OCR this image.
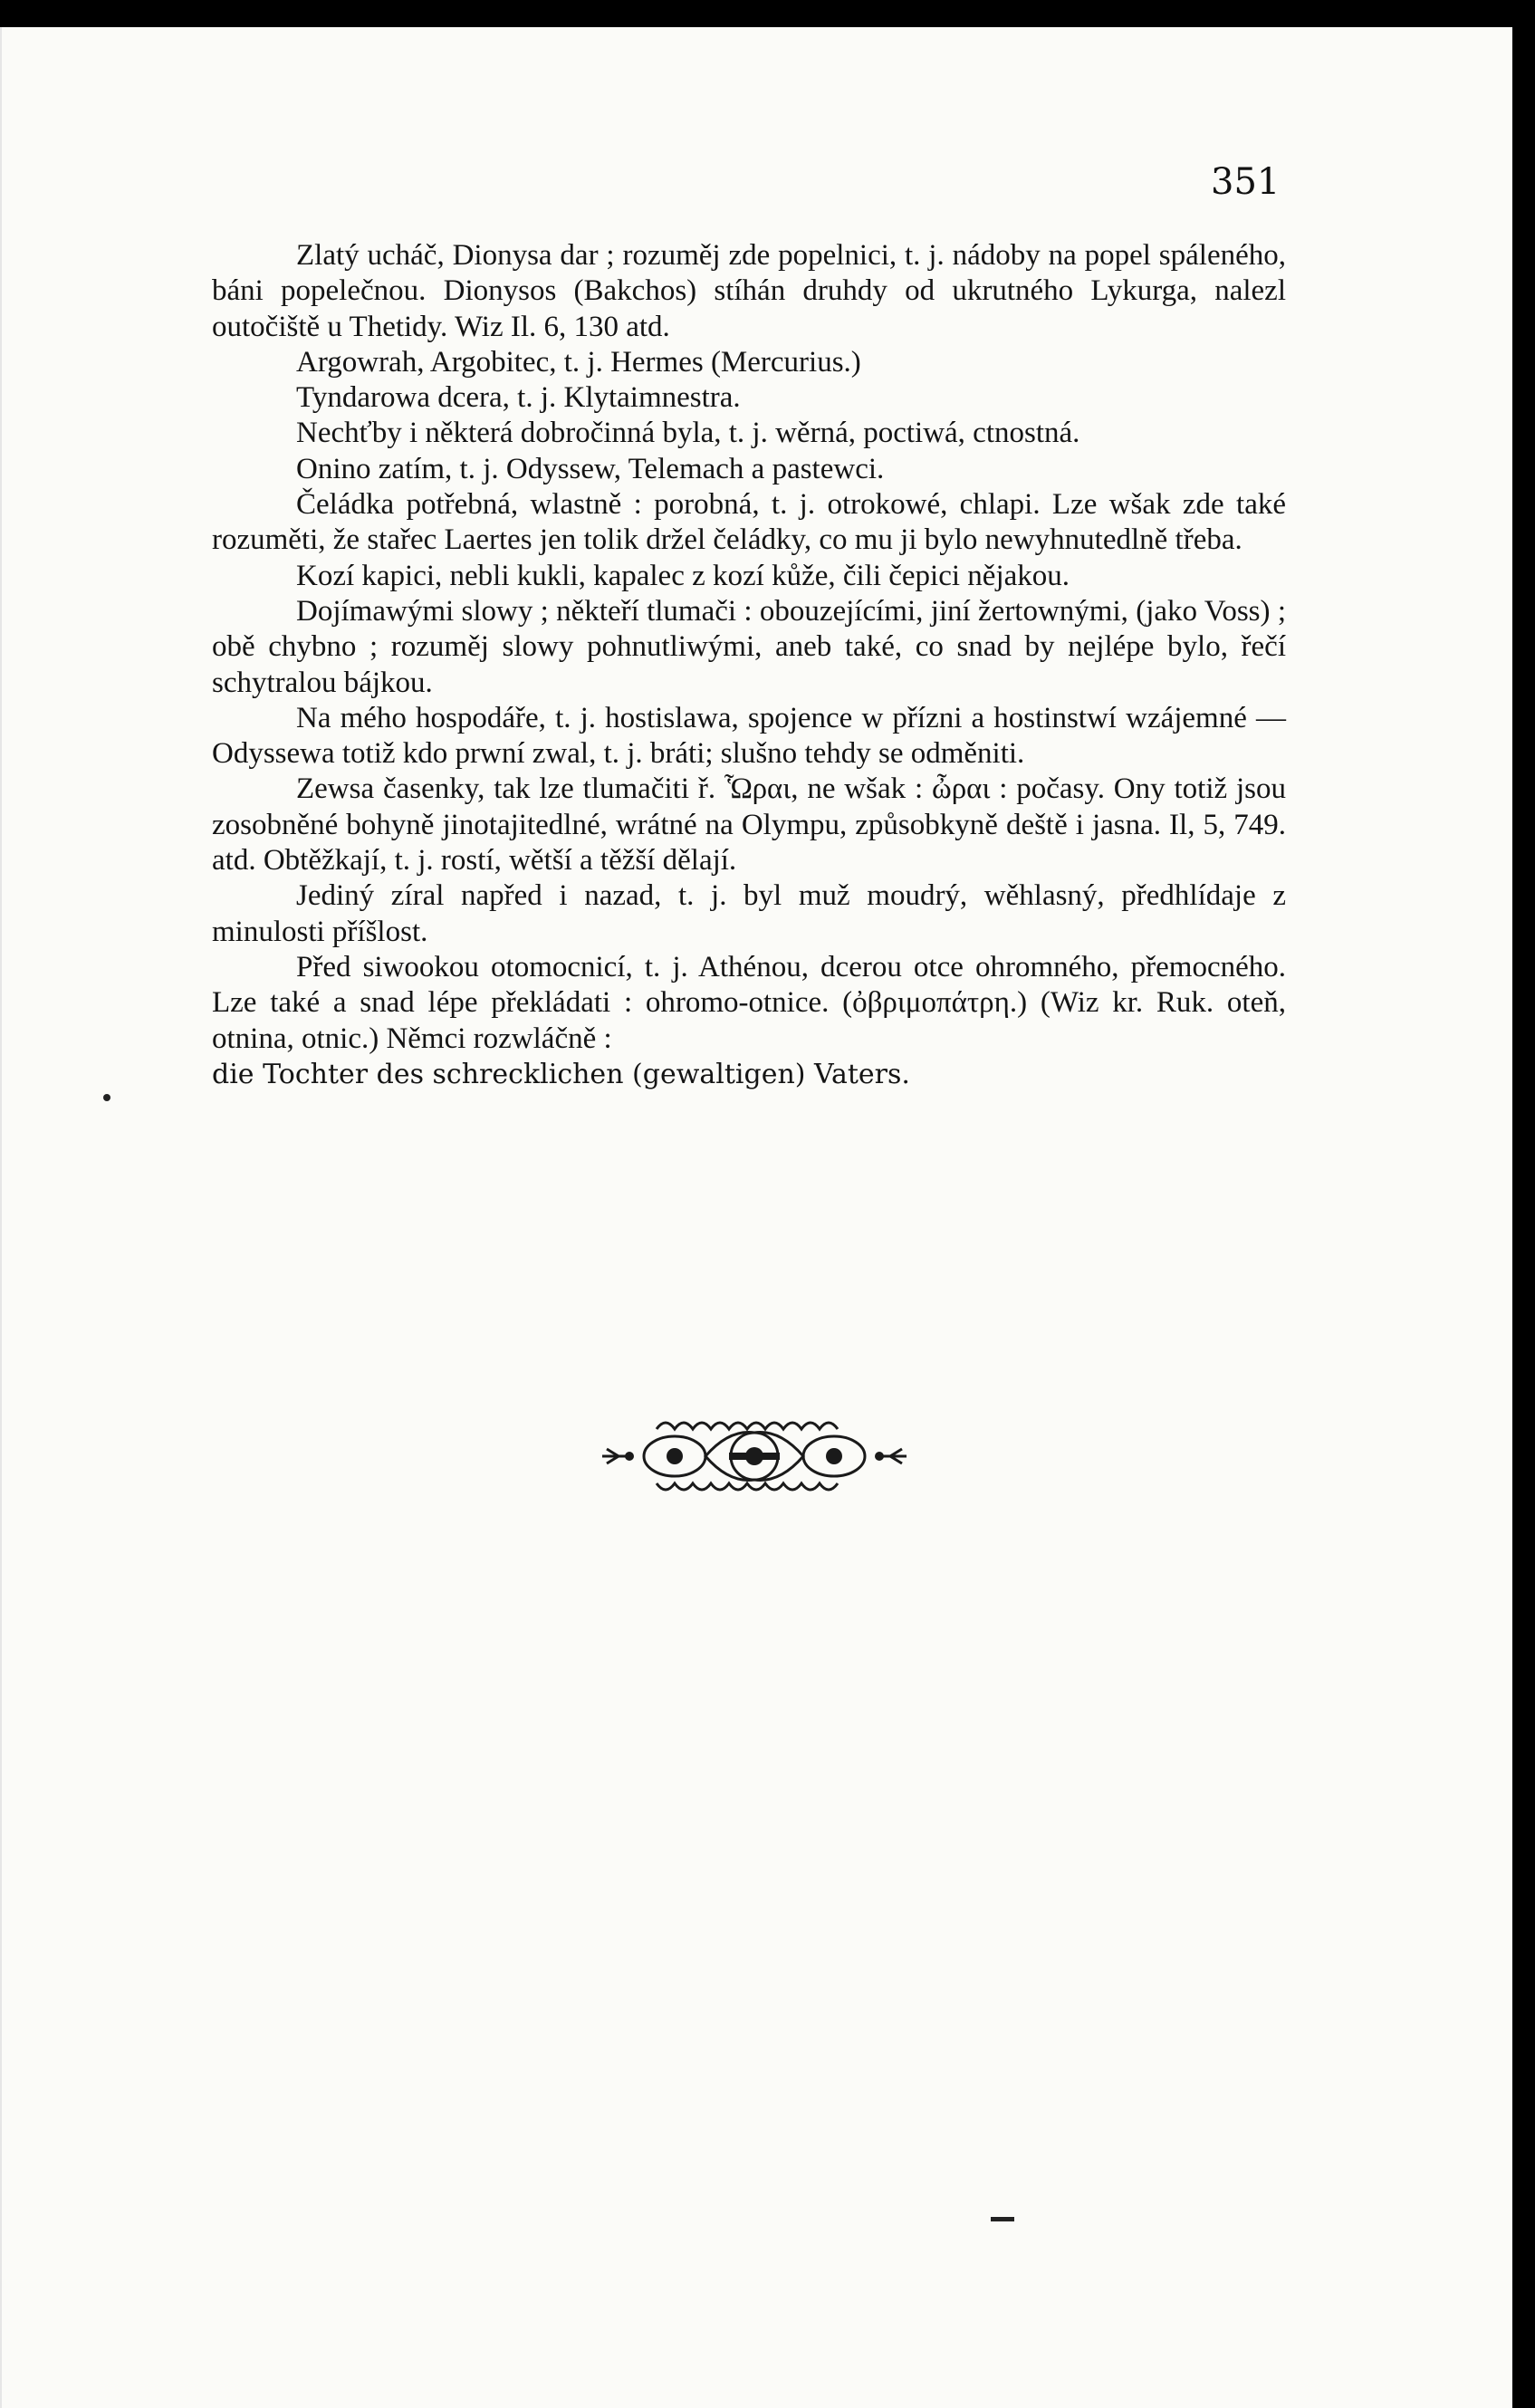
351

Zlatý ucháč, Dionysa dar ; rozuměj zde popelnici, t. j. nádoby na popel spáleného, báni popelečnou. Dionysos (Bakchos) stíhán druhdy od ukrutného Lykurga, nalezl outočiště u Thetidy. Wiz Il. 6, 130 atd.

Argowrah, Argobitec, t. j. Hermes (Mercurius.)

Tyndarowa dcera, t. j. Klytaimnestra.

Nechťby i některá dobročinná byla, t. j. wěrná, poctiwá, ctnostná.

Onino zatím, t. j. Odyssew, Telemach a pastewci.

Čeládka potřebná, wlastně : porobná, t. j. otrokowé, chlapi. Lze wšak zde také rozuměti, že stařec Laertes jen tolik držel čeládky, co mu ji bylo newyhnutedlně třeba.

Kozí kapici, nebli kukli, kapalec z kozí kůže, čili čepici nějakou.

Dojímawými slowy ; někteří tlumači : obouzejícími, jiní žertownými, (jako Voss) ; obě chybno ; rozuměj slowy pohnutliwými, aneb také, co snad by nejlépe bylo, řečí schytralou bájkou.

Na mého hospodáře, t. j. hostislawa, spojence w přízni a hostinstwí wzájemné — Odyssewa totiž kdo prwní zwal, t. j. bráti; slušno tehdy se odměniti.

Zewsa časenky, tak lze tlumačiti ř. Ὧραι, ne wšak : ὦραι : počasy. Ony totiž jsou zosobněné bohyně jinotajitedlné, wrátné na Olympu, způsobkyně deště i jasna. Il, 5, 749. atd. Obtěžkají, t. j. rostí, wětší a těžší dělají.

Jediný zíral napřed i nazad, t. j. byl muž moudrý, wěhlasný, předhlídaje z minulosti příšlost.

Před siwookou otomocnicí, t. j. Athénou, dcerou otce ohromného, přemocného. Lze také a snad lépe překládati : ohromo-otnice. (ὀβριμοπάτρη.) (Wiz kr. Ruk. oteň, otnina, otnic.) Němci rozwláčně :

die Tochter des schrecklichen (gewaltigen) Vaters.
